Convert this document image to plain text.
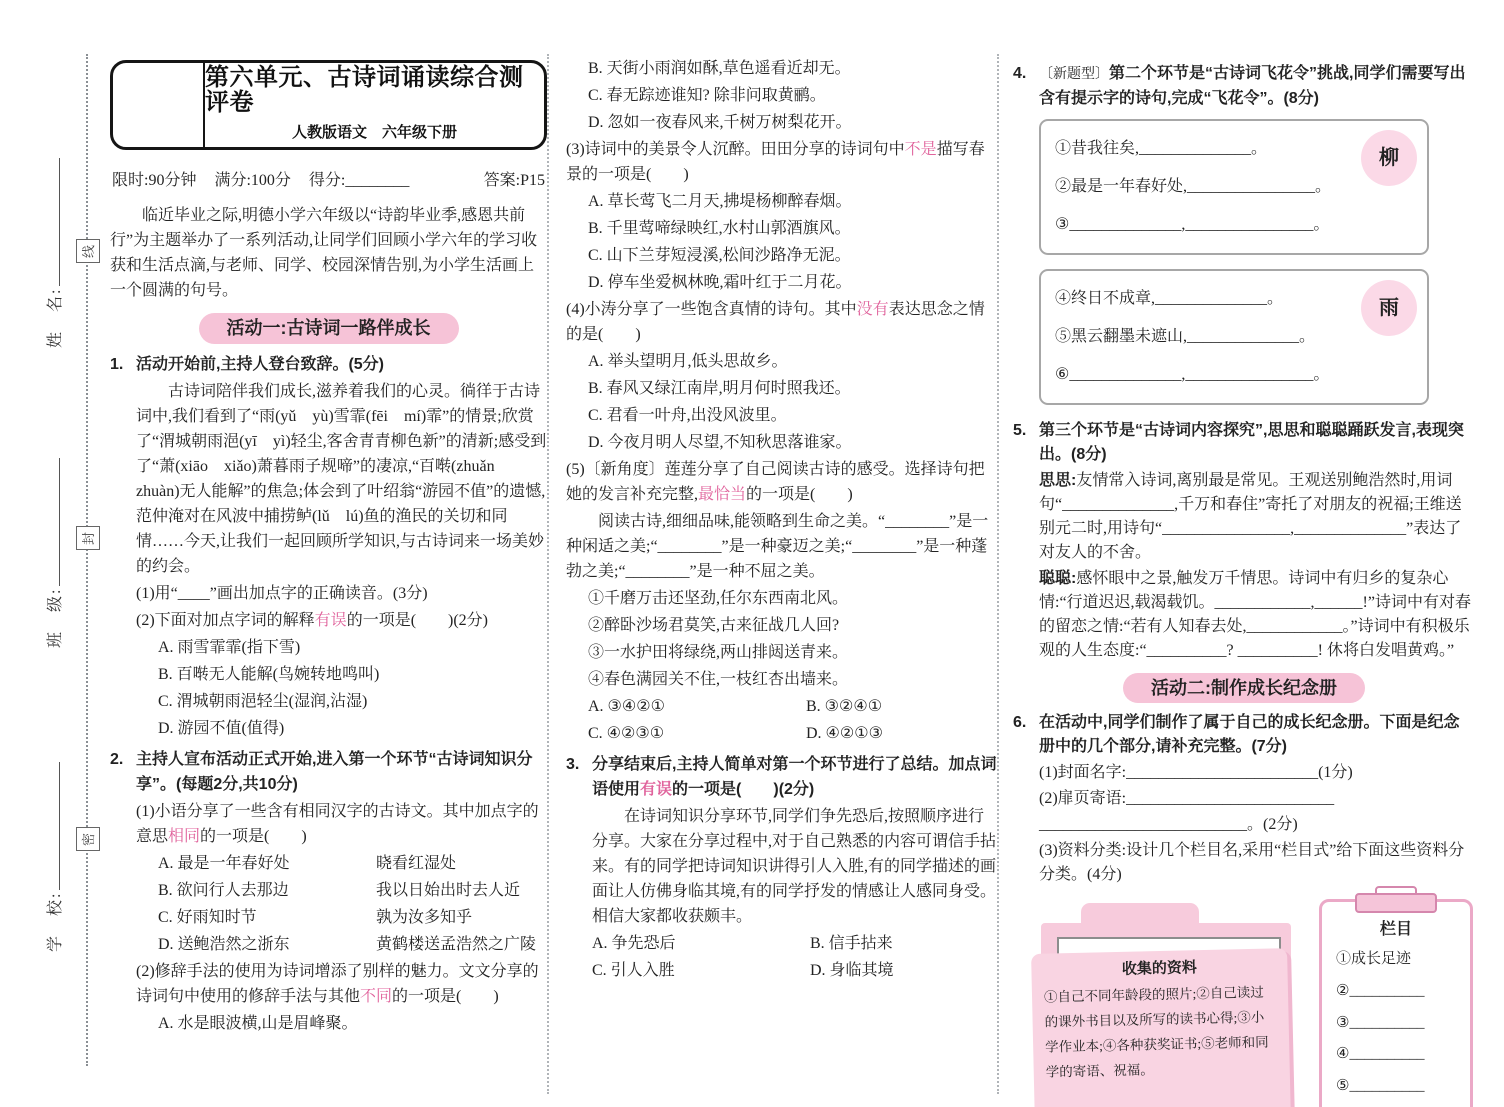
线
封
密
姓　名:
班　级:
学　校:
第六单元、古诗词诵读综合测评卷
人教版语文　六年级下册
限时:90分钟 满分:100分 得分:________	答案:P15

临近毕业之际,明德小学六年级以“诗韵毕业季,感恩共前行”为主题举办了一系列活动,让同学们回顾小学六年的学习收获和生活点滴,与老师、同学、校园深情告别,为小学生活画上一个圆满的句号。

活动一:古诗词一路伴成长
1. 活动开始前,主持人登台致辞。(5分)

古诗词陪伴我们成长,滋养着我们的心灵。徜徉于古诗词中,我们看到了“雨(yǔ　yù)雪霏(fēi　mí)霏”的情景;欣赏了“渭城朝雨浥(yī　yì)轻尘,客舍青青柳色新”的清新;感受到了“萧(xiāo　xiǎo)萧暮雨子规啼”的凄凉,“百啭(zhuǎn　zhuàn)无人能解”的焦急;体会到了叶绍翁“游园不值”的遗憾,范仲淹对在风波中捕捞鲈(lǔ　lú)鱼的渔民的关切和同情……今天,让我们一起回顾所学知识,与古诗词来一场美妙的约会。

(1)用“____”画出加点字的正确读音。(3分)

(2)下面对加点字词的解释有误的一项是(　　)(2分)

A. 雨雪霏霏(指下雪)

B. 百啭无人能解(鸟婉转地鸣叫)

C. 渭城朝雨浥轻尘(湿润,沾湿)

D. 游园不值(值得)

2. 主持人宣布活动正式开始,进入第一个环节“古诗词知识分享”。(每题2分,共10分)

(1)小语分享了一些含有相同汉字的古诗文。其中加点字的意思相同的一项是(　　)

A. 最是一年春好处	晓看红湿处
B. 欲问行人去那边	我以日始出时去人近
C. 好雨知时节	孰为汝多知乎
D. 送鲍浩然之浙东	黄鹤楼送孟浩然之广陵

(2)修辞手法的使用为诗词增添了别样的魅力。文文分享的诗词句中使用的修辞手法与其他不同的一项是(　　)

A. 水是眼波横,山是眉峰聚。

B. 天街小雨润如酥,草色遥看近却无。

C. 春无踪迹谁知? 除非问取黄鹂。

D. 忽如一夜春风来,千树万树梨花开。

(3)诗词中的美景令人沉醉。田田分享的诗词句中不是描写春景的一项是(　　)

A. 草长莺飞二月天,拂堤杨柳醉春烟。

B. 千里莺啼绿映红,水村山郭酒旗风。

C. 山下兰芽短浸溪,松间沙路净无泥。

D. 停车坐爱枫林晚,霜叶红于二月花。

(4)小涛分享了一些饱含真情的诗句。其中没有表达思念之情的是(　　)

A. 举头望明月,低头思故乡。

B. 春风又绿江南岸,明月何时照我还。

C. 君看一叶舟,出没风波里。

D. 今夜月明人尽望,不知秋思落谁家。

(5)〔新角度〕莲莲分享了自己阅读古诗的感受。选择诗句把她的发言补充完整,最恰当的一项是(　　)

阅读古诗,细细品味,能领略到生命之美。“________”是一种闲适之美;“________”是一种豪迈之美;“________”是一种蓬勃之美;“________”是一种不屈之美。

①千磨万击还坚劲,任尔东西南北风。

②醉卧沙场君莫笑,古来征战几人回?

③一水护田将绿绕,两山排闼送青来。

④春色满园关不住,一枝红杏出墙来。

A. ③④②①	B. ③②④①
C. ④②③①	D. ④②①③
3. 分享结束后,主持人简单对第一个环节进行了总结。加点词语使用有误的一项是(　　)(2分)

在诗词知识分享环节,同学们争先恐后,按照顺序进行分享。大家在分享过程中,对于自己熟悉的内容可谓信手拈来。有的同学把诗词知识讲得引人入胜,有的同学描述的画面让人仿佛身临其境,有的同学抒发的情感让人感同身受。相信大家都收获颇丰。

A. 争先恐后	B. 信手拈来
C. 引人入胜	D. 身临其境
4. 〔新题型〕第二个环节是“古诗词飞花令”挑战,同学们需要写出含有提示字的诗句,完成“飞花令”。(8分)

柳

①昔我往矣,______________。

②最是一年春好处,________________。

③______________,________________。

雨

④终日不成章,______________。

⑤黑云翻墨未遮山,______________。

⑥______________,________________。

5. 第三个环节是“古诗词内容探究”,思思和聪聪踊跃发言,表现突出。(8分)

思思:友情常入诗词,离别最是常见。王观送别鲍浩然时,用词句“______________,千万和春住”寄托了对朋友的祝福;王维送别元二时,用诗句“________________,______________”表达了对友人的不舍。

聪聪:感怀眼中之景,触发万千情思。诗词中有归乡的复杂心情:“行道迟迟,载渴载饥。____________,______!”诗词中有对春的留恋之情:“若有人知春去处,____________。”诗词中有积极乐观的人生态度:“__________? __________! 休将白发唱黄鸡。”

活动二:制作成长纪念册
6. 在活动中,同学们制作了属于自己的成长纪念册。下面是纪念册中的几个部分,请补充完整。(7分)

(1)封面名字:________________________(1分)

(2)扉页寄语:__________________________

__________________________。(2分)

(3)资料分类:设计几个栏目名,采用“栏目式”给下面这些资料分分类。(4分)

收集的资料
①自己不同年龄段的照片;②自己读过的课外书目以及所写的读书心得;③小学作业本;④各种获奖证书;⑤老师和同学的寄语、祝福。
栏目
①成长足迹
②__________
③__________
④__________
⑤__________
